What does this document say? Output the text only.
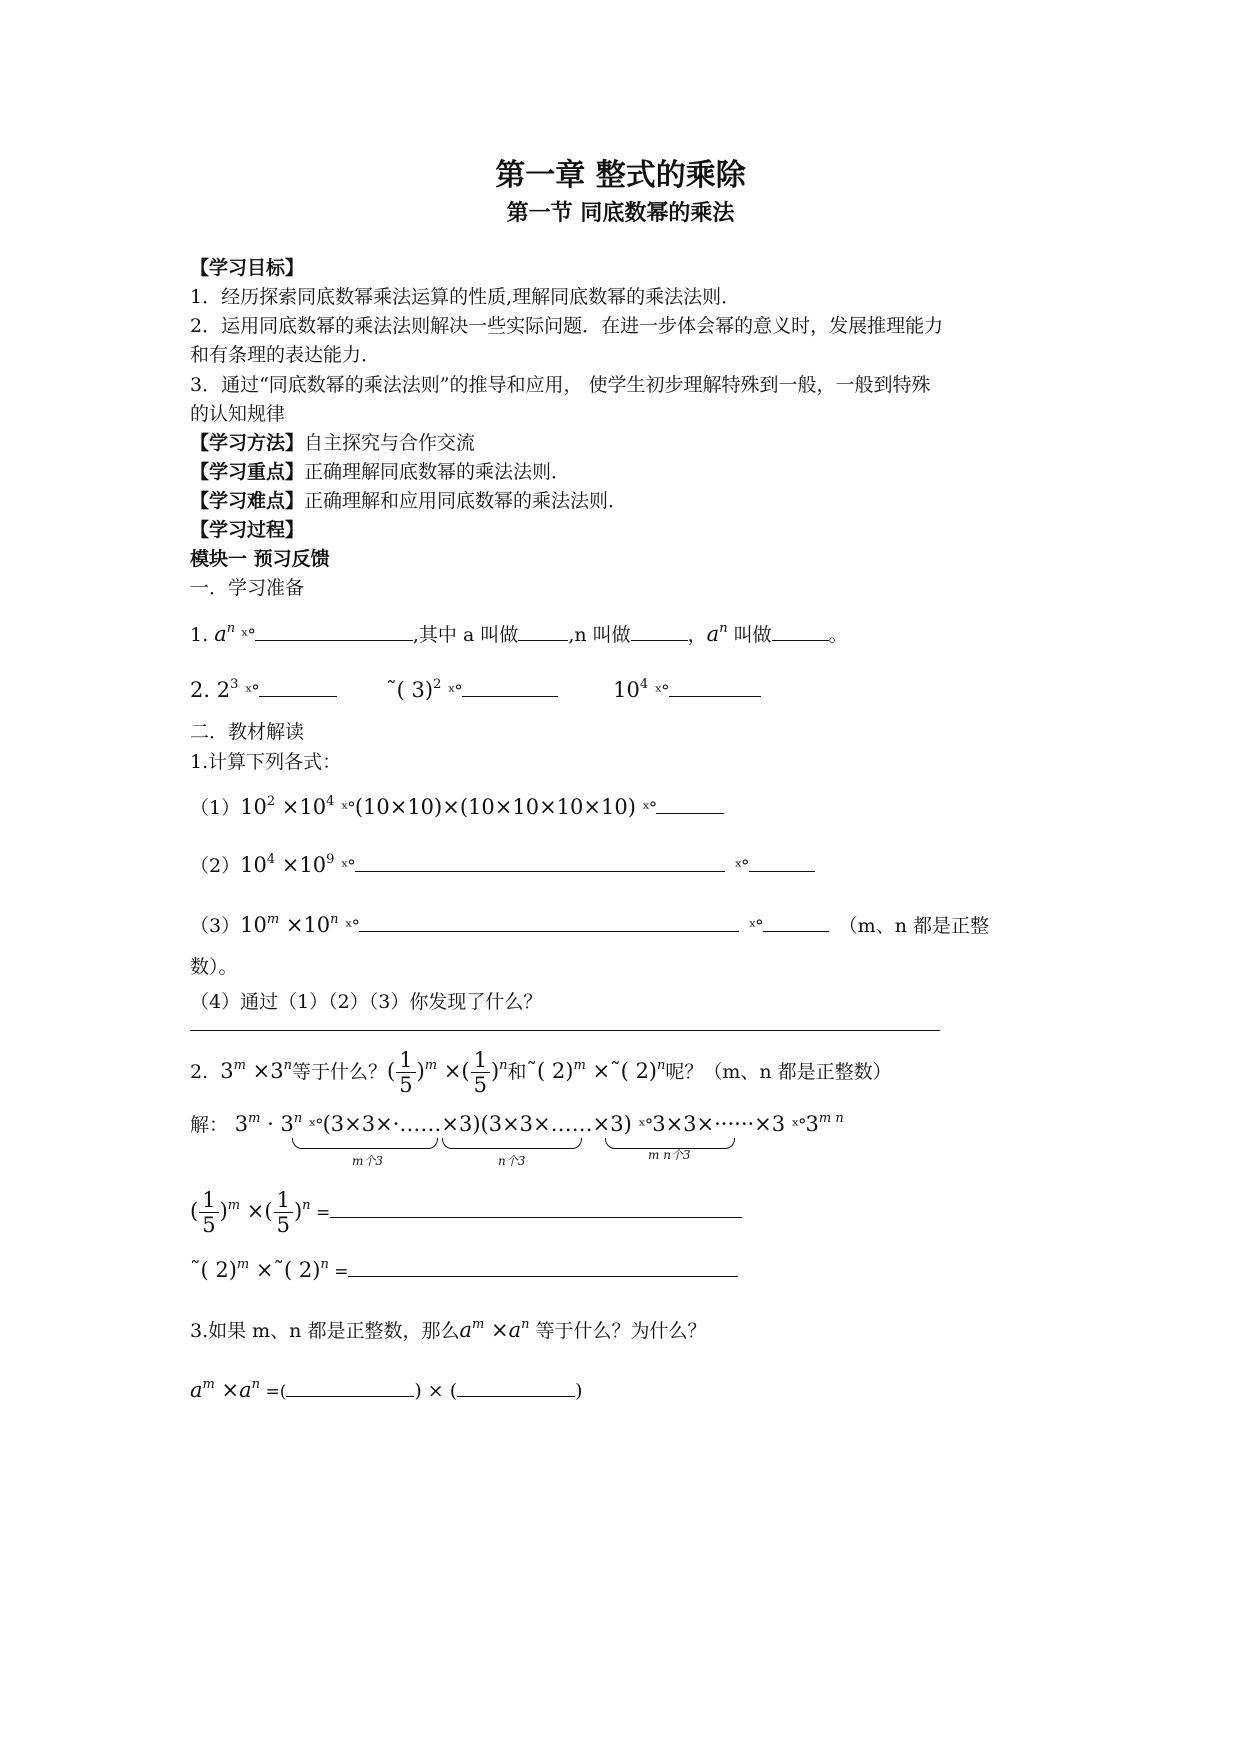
第一章 整式的乘除
第一节 同底数幂的乘法
【学习目标】
1．经历探索同底数幂乘法运算的性质,理解同底数幂的乘法法则．
2．运用同底数幂的乘法法则解决一些实际问题．在进一步体会幂的意义时，发展推理能力
和有条理的表达能力．
3．通过“同底数幂的乘法法则”的推导和应用， 使学生初步理解特殊到一般，一般到特殊
的认知规律
【学习方法】自主探究与合作交流
【学习重点】正确理解同底数幂的乘法法则．
【学习难点】正确理解和应用同底数幂的乘法法则．
【学习过程】
模块一 预习反馈
一．学习准备
1. $a^n$ ˣ°	,其中 a 叫做	,n 叫做	，$a^n$ 叫做	。
2. $2^3$ ˣ°	˜( 3)$^2$ ˣ°	$10^4$ ˣ°
二．教材解读
1.计算下列各式：
$(1)10^2 \times 10^4$ ˣ°(10×10)×(10×10×10×10) ˣ°
$(2)10^4 \times 10^9$ ˣ°	ˣ°
$(3)10^m \times 10^n$ ˣ°	ˣ°	（m、n 都是正整
数）。
（4）通过（1）（2）（3）你发现了什么？
2. $3^m \times 3^n$等于什么？( $\frac{1}{5} )^m$ ×( $\frac{1}{5} )^n$和˜( 2)$^m$ ×˜( 2)$^n$呢？（m、n 都是正整数）
解： $3^m \cdot 3^n$ ˣ°(3×3×·……×3)(3×3×……×3) ˣ°3×3×······×3 $ˣ^\circ 3^{m n}$
m个3	n个3	m n个3
( $\frac{1}{5} )^m$ ×( $\frac{1}{5} )^n$ =
˜( 2)$^m$ ×˜( 2)$^n$ =
3.如果 m、n 都是正整数，那么$a^m \times a^n$ 等于什么？为什么？
$a^m \times a^n$ =(	) × (	)
